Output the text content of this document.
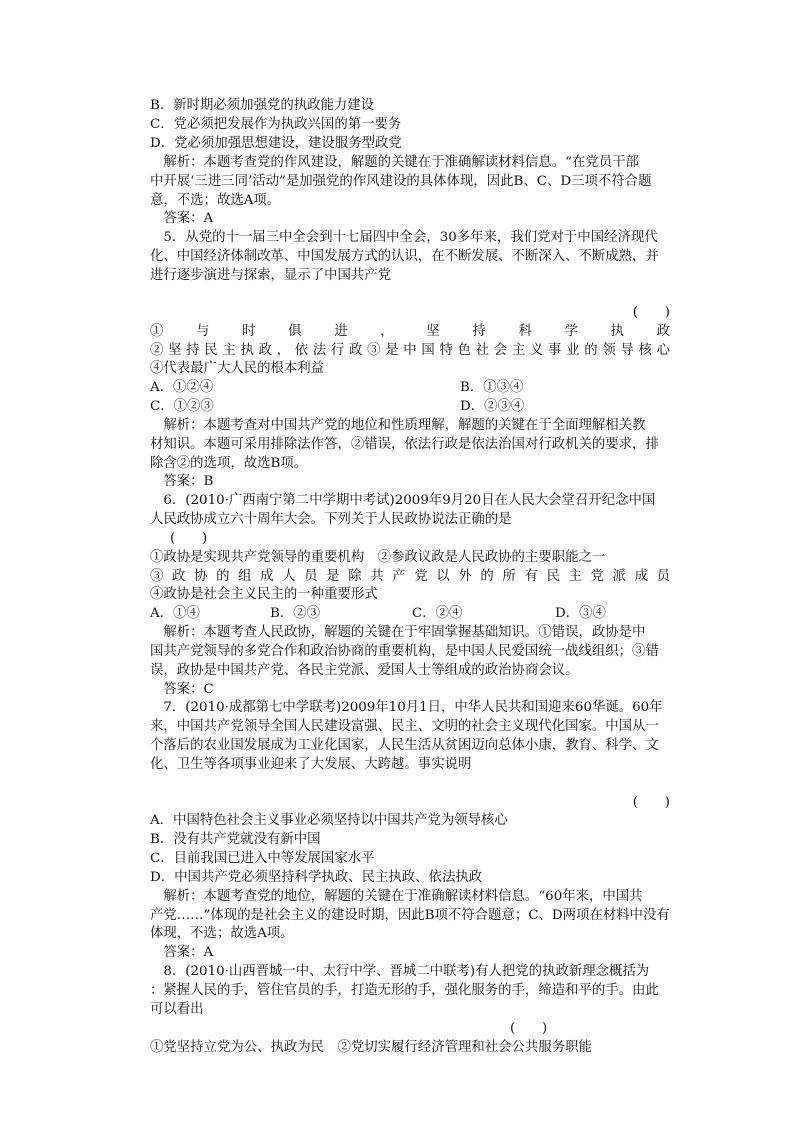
B．新时期必须加强党的执政能力建设
C．党必须把发展作为执政兴国的第一要务
D．党必须加强思想建设，建设服务型政党
　解析：本题考查党的作风建设，解题的关键在于准确解读材料信息。“在党员干部
中开展‘三进三同’活动”是加强党的作风建设的具体体现，因此B、C、D三项不符合题
意，不选；故选A项。
　答案：A
　5．从党的十一届三中全会到十七届四中全会，30多年来，我们党对于中国经济现代
化、中国经济体制改革、中国发展方式的认识，在不断发展、不断深入、不断成熟，并
进行逐步演进与探索，显示了中国共产党
(　　)
①与时俱进，坚持科学执政
②坚持民主执政，依法行政③是中国特色社会主义事业的领导核心
④代表最广大人民的根本利益
A．①②④	B．①③④
C．①②③	D．②③④
　解析：本题考查对中国共产党的地位和性质理解，解题的关键在于全面理解相关教
材知识。本题可采用排除法作答，②错误，依法行政是依法治国对行政机关的要求，排
除含②的选项，故选B项。
　答案：B
　6．(2010·广西南宁第二中学期中考试)2009年9月20日在人民大会堂召开纪念中国
人民政协成立六十周年大会。下列关于人民政协说法正确的是
(　　)
①政协是实现共产党领导的重要机构　②参政议政是人民政协的主要职能之一
③政协的组成人员是除共产党以外的所有民主党派成员
④政协是社会主义民主的一种重要形式
A．①④	B．②③	C．②④	D．③④
　解析：本题考查人民政协，解题的关键在于牢固掌握基础知识。①错误，政协是中
国共产党领导的多党合作和政治协商的重要机构，是中国人民爱国统一战线组织；③错
误，政协是中国共产党、各民主党派、爱国人士等组成的政治协商会议。
　答案：C
　7．(2010·成都第七中学联考)2009年10月1日，中华人民共和国迎来60华诞。60年
来，中国共产党领导全国人民建设富强、民主、文明的社会主义现代化国家。中国从一
个落后的农业国发展成为工业化国家，人民生活从贫困迈向总体小康，教育、科学、文
化、卫生等各项事业迎来了大发展、大跨越。事实说明
(　　)
A．中国特色社会主义事业必须坚持以中国共产党为领导核心
B．没有共产党就没有新中国
C．目前我国已进入中等发展国家水平
D．中国共产党必须坚持科学执政、民主执政、依法执政
　解析：本题考查党的地位，解题的关键在于准确解读材料信息。“60年来，中国共
产党……”体现的是社会主义的建设时期，因此B项不符合题意；C、D两项在材料中没有
体现，不选；故选A项。
　答案：A
　8．(2010·山西晋城一中、太行中学、晋城二中联考)有人把党的执政新理念概括为
：紧握人民的手，管住官员的手，打造无形的手，强化服务的手，缔造和平的手。由此
可以看出
(　　)
①党坚持立党为公、执政为民　②党切实履行经济管理和社会公共服务职能
